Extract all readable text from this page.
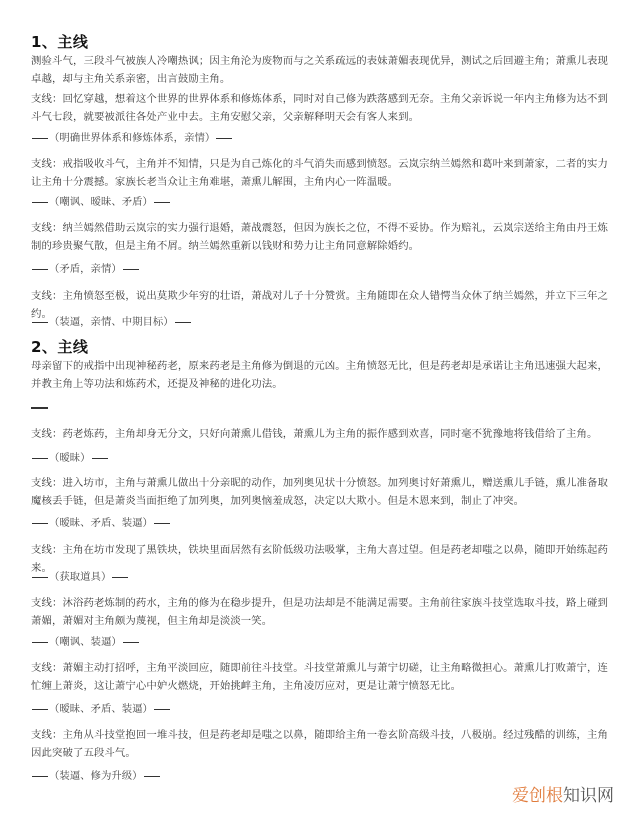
1、主线

测验斗气，三段斗气被族人冷嘲热讽；因主角沦为废物而与之关系疏远的表妹萧媚表现优异，测试之后回避主角；萧熏儿表现卓越，却与主角关系亲密，出言鼓励主角。

支线：回忆穿越，想着这个世界的世界体系和修炼体系，同时对自己修为跌落感到无奈。主角父亲诉说一年内主角修为达不到斗气七段，就要被派往各处产业中去。主角安慰父亲，父亲解释明天会有客人来到。

（明确世界体系和修炼体系，亲情）

支线：戒指吸收斗气，主角并不知情，只是为自己炼化的斗气消失而感到愤怒。云岚宗纳兰嫣然和葛叶来到萧家，二者的实力让主角十分震撼。家族长老当众让主角难堪，萧熏儿解围，主角内心一阵温暖。

（嘲讽、暧昧、矛盾）

支线：纳兰嫣然借助云岚宗的实力强行退婚，萧战震怒，但因为族长之位，不得不妥协。作为赔礼，云岚宗送给主角由丹王炼制的珍贵聚气散，但是主角不屑。纳兰嫣然重新以钱财和势力让主角同意解除婚约。

（矛盾，亲情）

支线：主角愤怒至极，说出莫欺少年穷的壮语，萧战对儿子十分赞赏。主角随即在众人错愕当众休了纳兰嫣然，并立下三年之约。

（装逼，亲情、中期目标）
2、主线

母亲留下的戒指中出现神秘药老，原来药老是主角修为倒退的元凶。主角愤怒无比，但是药老却是承诺让主角迅速强大起来，并教主角上等功法和炼药术，还提及神秘的进化功法。

支线：药老炼药，主角却身无分文，只好向萧熏儿借钱，萧熏儿为主角的振作感到欢喜，同时毫不犹豫地将钱借给了主角。

（暧昧）

支线：进入坊市，主角与萧熏儿做出十分亲昵的动作，加列奥见状十分愤怒。加列奥讨好萧熏儿，赠送熏儿手链，熏儿准备取魔核丢手链，但是萧炎当面拒绝了加列奥，加列奥恼羞成怒，决定以大欺小。但是木恩来到，制止了冲突。

（暧昧、矛盾、装逼）

支线：主角在坊市发现了黑铁块，铁块里面居然有玄阶低级功法吸掌，主角大喜过望。但是药老却嗤之以鼻，随即开始练起药来。

（获取道具）

支线：沐浴药老炼制的药水，主角的修为在稳步提升，但是功法却是不能满足需要。主角前往家族斗技堂选取斗技，路上碰到萧媚，萧媚对主角颇为蔑视，但主角却是淡淡一笑。

（嘲讽、装逼）

支线：萧媚主动打招呼，主角平淡回应，随即前往斗技堂。斗技堂萧熏儿与萧宁切磋，让主角略微担心。萧熏儿打败萧宁，连忙缠上萧炎，这让萧宁心中妒火燃烧，开始挑衅主角，主角凌厉应对，更是让萧宁愤怒无比。

（暧昧、矛盾、装逼）

支线：主角从斗技堂抱回一堆斗技，但是药老却是嗤之以鼻，随即给主角一卷玄阶高级斗技，八极崩。经过残酷的训练，主角因此突破了五段斗气。

（装逼、修为升级）
爱创根知识网
